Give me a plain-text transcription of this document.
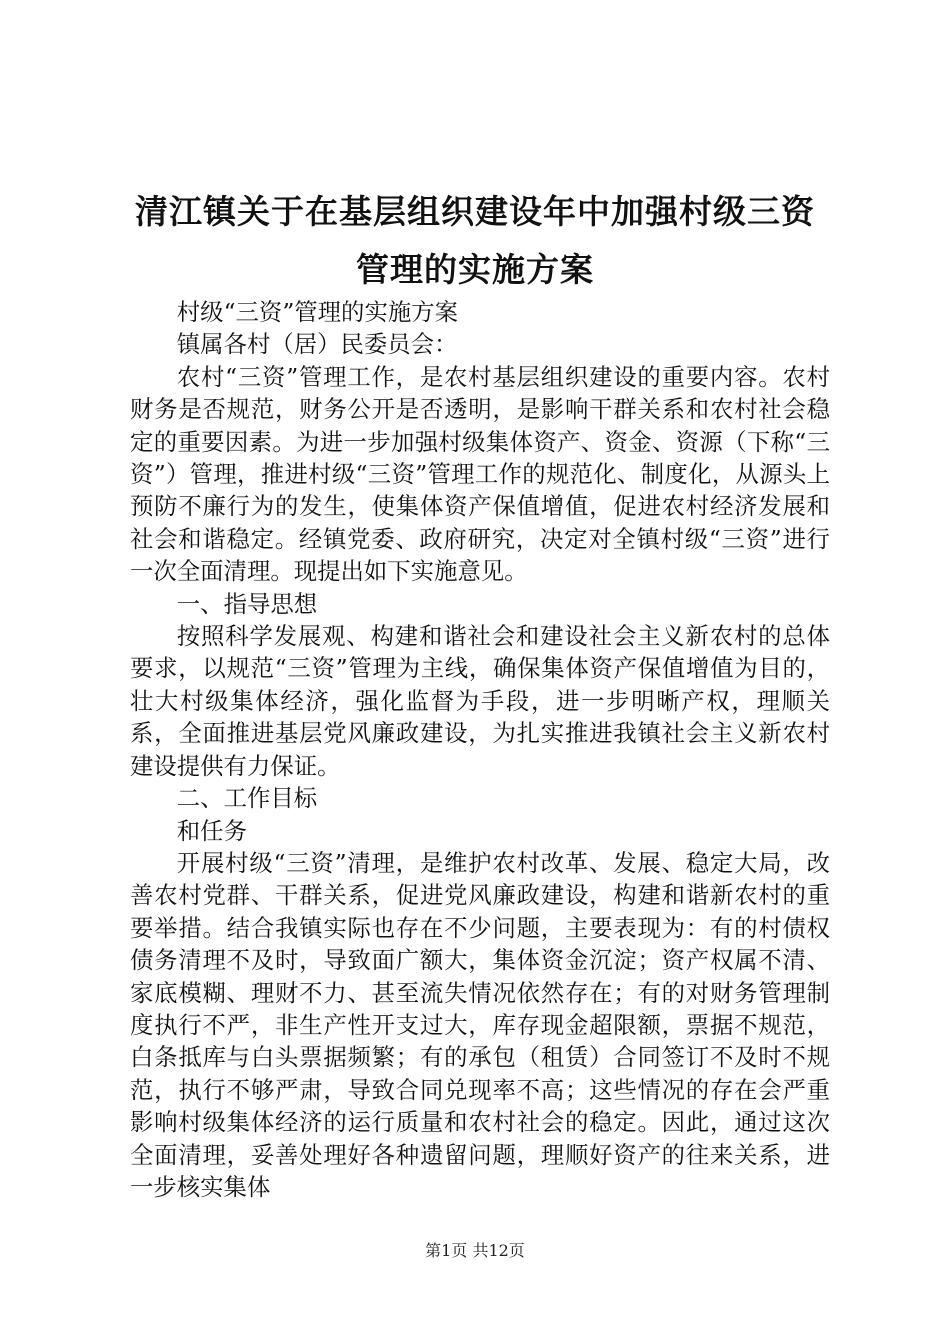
清江镇关于在基层组织建设年中加强村级三资
管理的实施方案

村级“三资”管理的实施方案

镇属各村（居）民委员会：

农村“三资”管理工作，是农村基层组织建设的重要内容。农村财务是否规范，财务公开是否透明，是影响干群关系和农村社会稳定的重要因素。为进一步加强村级集体资产、资金、资源（下称“三资”）管理，推进村级“三资”管理工作的规范化、制度化，从源头上预防不廉行为的发生，使集体资产保值增值，促进农村经济发展和社会和谐稳定。经镇党委、政府研究，决定对全镇村级“三资”进行一次全面清理。现提出如下实施意见。

一、指导思想

按照科学发展观、构建和谐社会和建设社会主义新农村的总体要求，以规范“三资”管理为主线，确保集体资产保值增值为目的，壮大村级集体经济，强化监督为手段，进一步明晰产权，理顺关系，全面推进基层党风廉政建设，为扎实推进我镇社会主义新农村建设提供有力保证。

二、工作目标

和任务

开展村级“三资”清理，是维护农村改革、发展、稳定大局，改善农村党群、干群关系，促进党风廉政建设，构建和谐新农村的重要举措。结合我镇实际也存在不少问题，主要表现为：有的村债权债务清理不及时，导致面广额大，集体资金沉淀；资产权属不清、家底模糊、理财不力、甚至流失情况依然存在；有的对财务管理制度执行不严，非生产性开支过大，库存现金超限额，票据不规范，白条抵库与白头票据频繁；有的承包（租赁）合同签订不及时不规范，执行不够严肃，导致合同兑现率不高；这些情况的存在会严重影响村级集体经济的运行质量和农村社会的稳定。因此，通过这次全面清理，妥善处理好各种遗留问题，理顺好资产的往来关系，进一步核实集体

第1页 共12页
